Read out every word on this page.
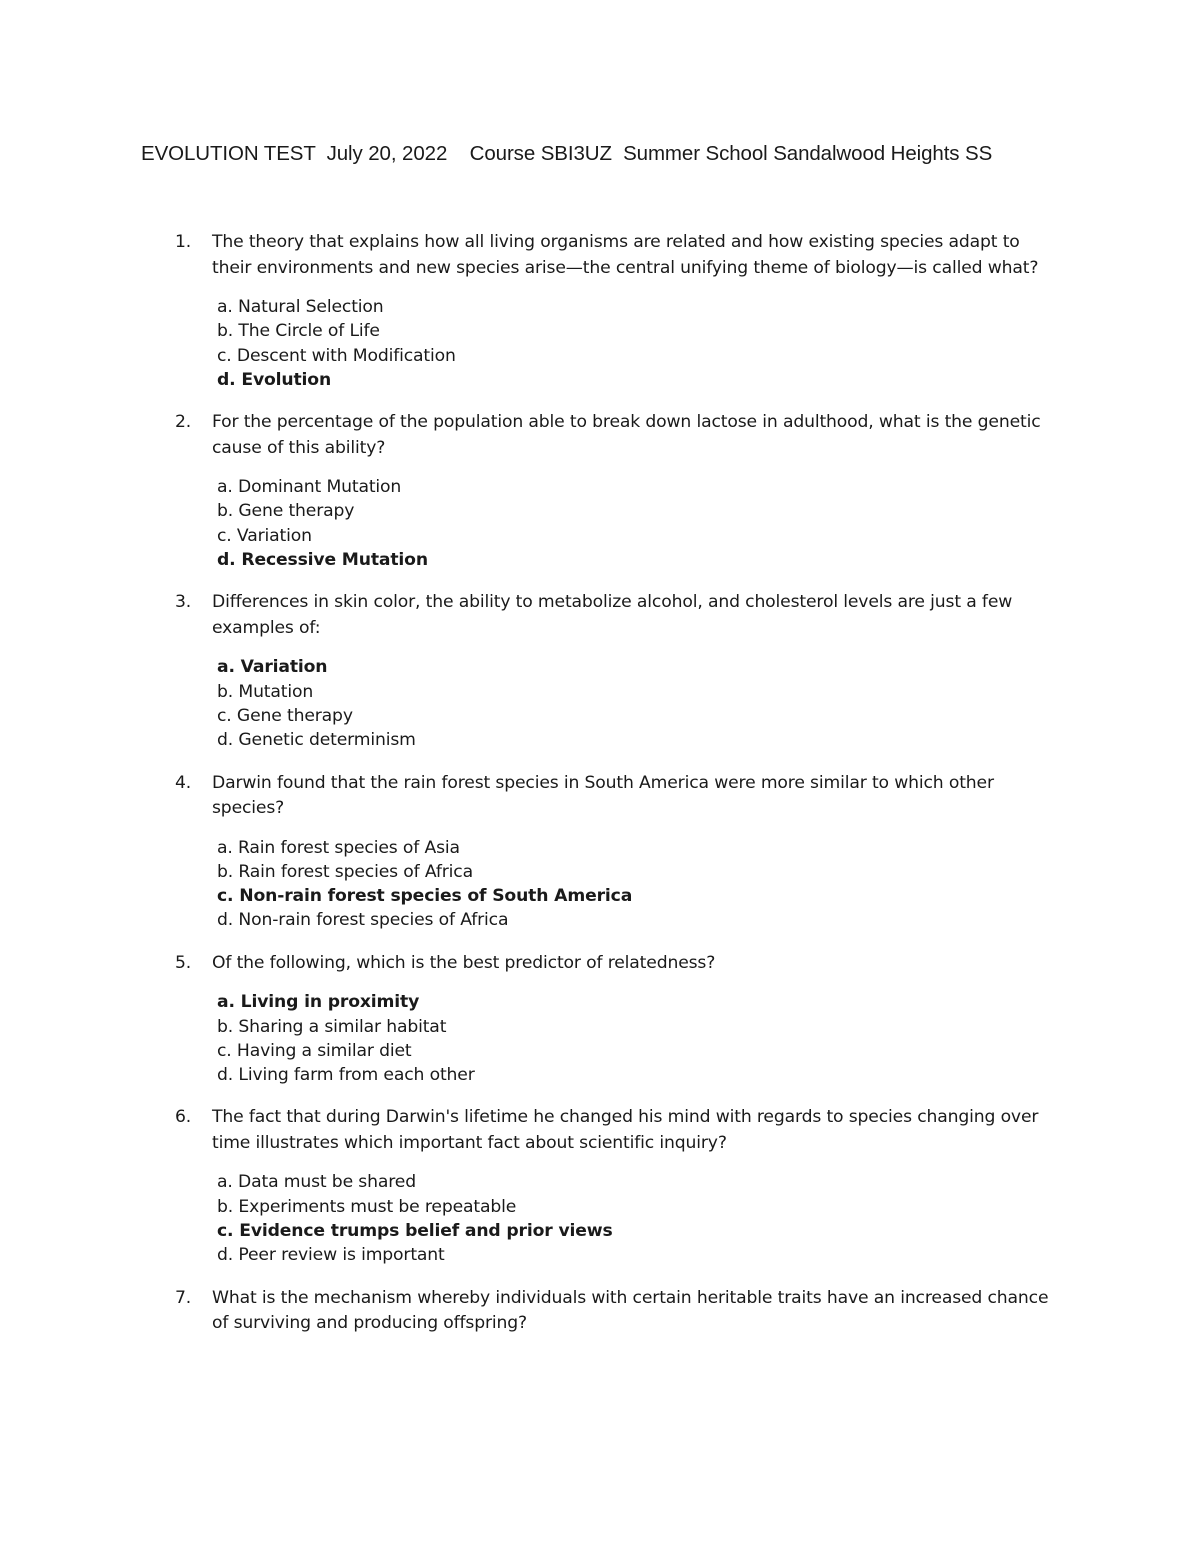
EVOLUTION TEST  July 20, 2022    Course SBI3UZ  Summer School Sandalwood Heights SS
1. The theory that explains how all living organisms are related and how existing species adapt to their environments and new species arise—the central unifying theme of biology—is called what?
a. Natural Selection
b. The Circle of Life
c. Descent with Modification
d. Evolution
2. For the percentage of the population able to break down lactose in adulthood, what is the genetic cause of this ability?
a. Dominant Mutation
b. Gene therapy
c. Variation
d. Recessive Mutation
3. Differences in skin color, the ability to metabolize alcohol, and cholesterol levels are just a few examples of:
a. Variation
b. Mutation
c. Gene therapy
d. Genetic determinism
4. Darwin found that the rain forest species in South America were more similar to which other species?
a. Rain forest species of Asia
b. Rain forest species of Africa
c. Non-rain forest species of South America
d. Non-rain forest species of Africa
5. Of the following, which is the best predictor of relatedness?
a. Living in proximity
b. Sharing a similar habitat
c. Having a similar diet
d. Living farm from each other
6. The fact that during Darwin's lifetime he changed his mind with regards to species changing over time illustrates which important fact about scientific inquiry?
a. Data must be shared
b. Experiments must be repeatable
c. Evidence trumps belief and prior views
d. Peer review is important
7. What is the mechanism whereby individuals with certain heritable traits have an increased chance of surviving and producing offspring?
